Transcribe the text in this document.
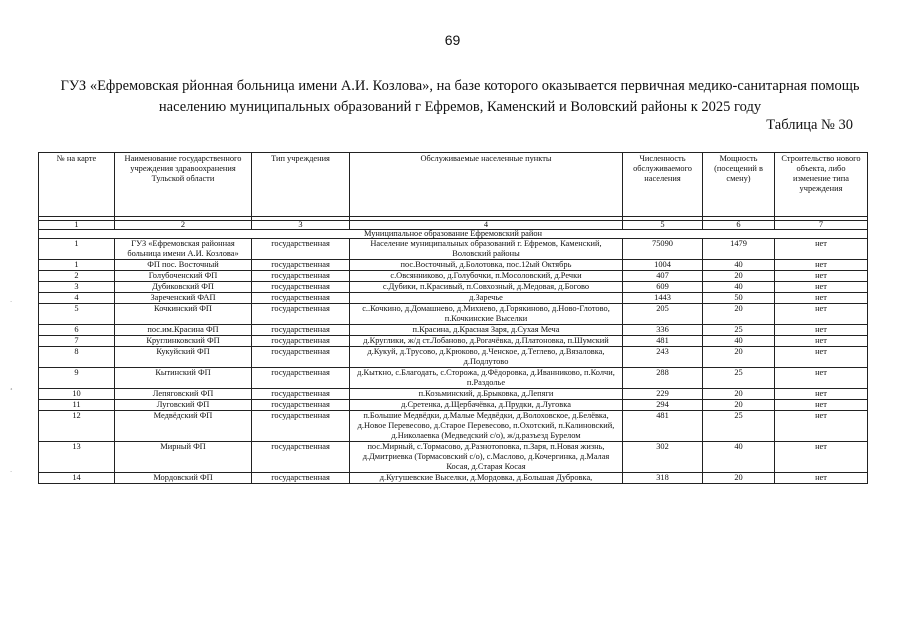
69
ГУЗ «Ефремовская рйонная больница имени А.И. Козлова», на базе которого оказывается первичная медико-санитарная помощь населению муниципальных образований г Ефремов, Каменский и Воловский районы к 2025 году
Таблица № 30
˙
¸
˙
№ на карте	Наименование государственного учреждения здравоохранения Тульской области	Тип учреждения	Обслуживаемые населенные пункты	Численность обслуживаемого населения	Мощность (посещений в смену)	Строительство нового объекта, либо изменение типа учреждения

1	2	3	4	5	6	7
Муниципальное образование Ефремовский район						
1	ГУЗ «Ефремовская районная больница имени А.И. Козлова»	государственная	Население муниципальных образований г. Ефремов, Каменский, Воловский районы	75090	1479	нет
1	ФП пос. Восточный	государственная	пос.Восточный, д.Болотовка, пос.12ый Октябрь	1004	40	нет
2	Голубоченский ФП	государственная	с.Овсянниково, д.Голубочки, п.Мосоловский, д.Речки	407	20	нет
3	Дубиковский ФП	государственная	с.Дубики, п.Красивый, п.Совхозный, д.Медовая, д.Богово	609	40	нет
4	Зареченский ФАП	государственная	д.Заречье	1443	50	нет
5	Кочкинский ФП	государственная	с..Кочкино, д.Домашнево, д.Михнево, д.Горякиново, д.Ново-Глотово, п.Кочкинские Выселки	205	20	нет
6	пос.им.Красина ФП	государственная	п.Красина, д.Красная Заря, д.Сухая Меча	336	25	нет
7	Круглинковский ФП	государственная	д.Круглики, ж/д ст.Лобаново, д.Рогачёвка, д.Платоновка, п.Шумский	481	40	нет
8	Кукуйский ФП	государственная	д.Кукуй, д.Трусово, д.Крюково, д.Ченское, д.Теглево, д.Вязаловка, д.Подлутово	243	20	нет
9	Кытинский ФП	государственная	д.Кыткно, с.Благодать, с.Сторожа, д.Фёдоровка, д.Иванниково, п.Колчи, п.Раздолье	288	25	нет
10	Лепяговский ФП	государственная	п.Козьминский, д.Брыковка, д.Лепяги	229	20	нет
11	Луговский ФП	государственная	д.Сретенка, д.Щербачёвка, д.Прудки, д.Луговка	294	20	нет
12	Медвёдский ФП	государственная	п.Большие Медвёдки, д.Малые Медвёдки, д.Волоховское, д.Белёвка, д.Новое Перевесово, д.Старое Перевесово, п.Охотский, п.Калиновский, д.Николаевка (Медведский с/о), ж/д.разъезд Бурелом	481	25	нет
13	Мирный ФП	государственная	пос.Мирный, с.Тормасово, д.Разнотоповка, п.Заря, п.Новая жизнь, д.Дмитриевка (Тормасовский с/о), с.Маслово, д.Кочергинка, д.Малая Косая, д.Старая Косая	302	40	нет
14	Мордовский ФП	государственная	д.Кугушевские Выселки, д.Мордовка, д.Большая Дубровка,	318	20	нет
